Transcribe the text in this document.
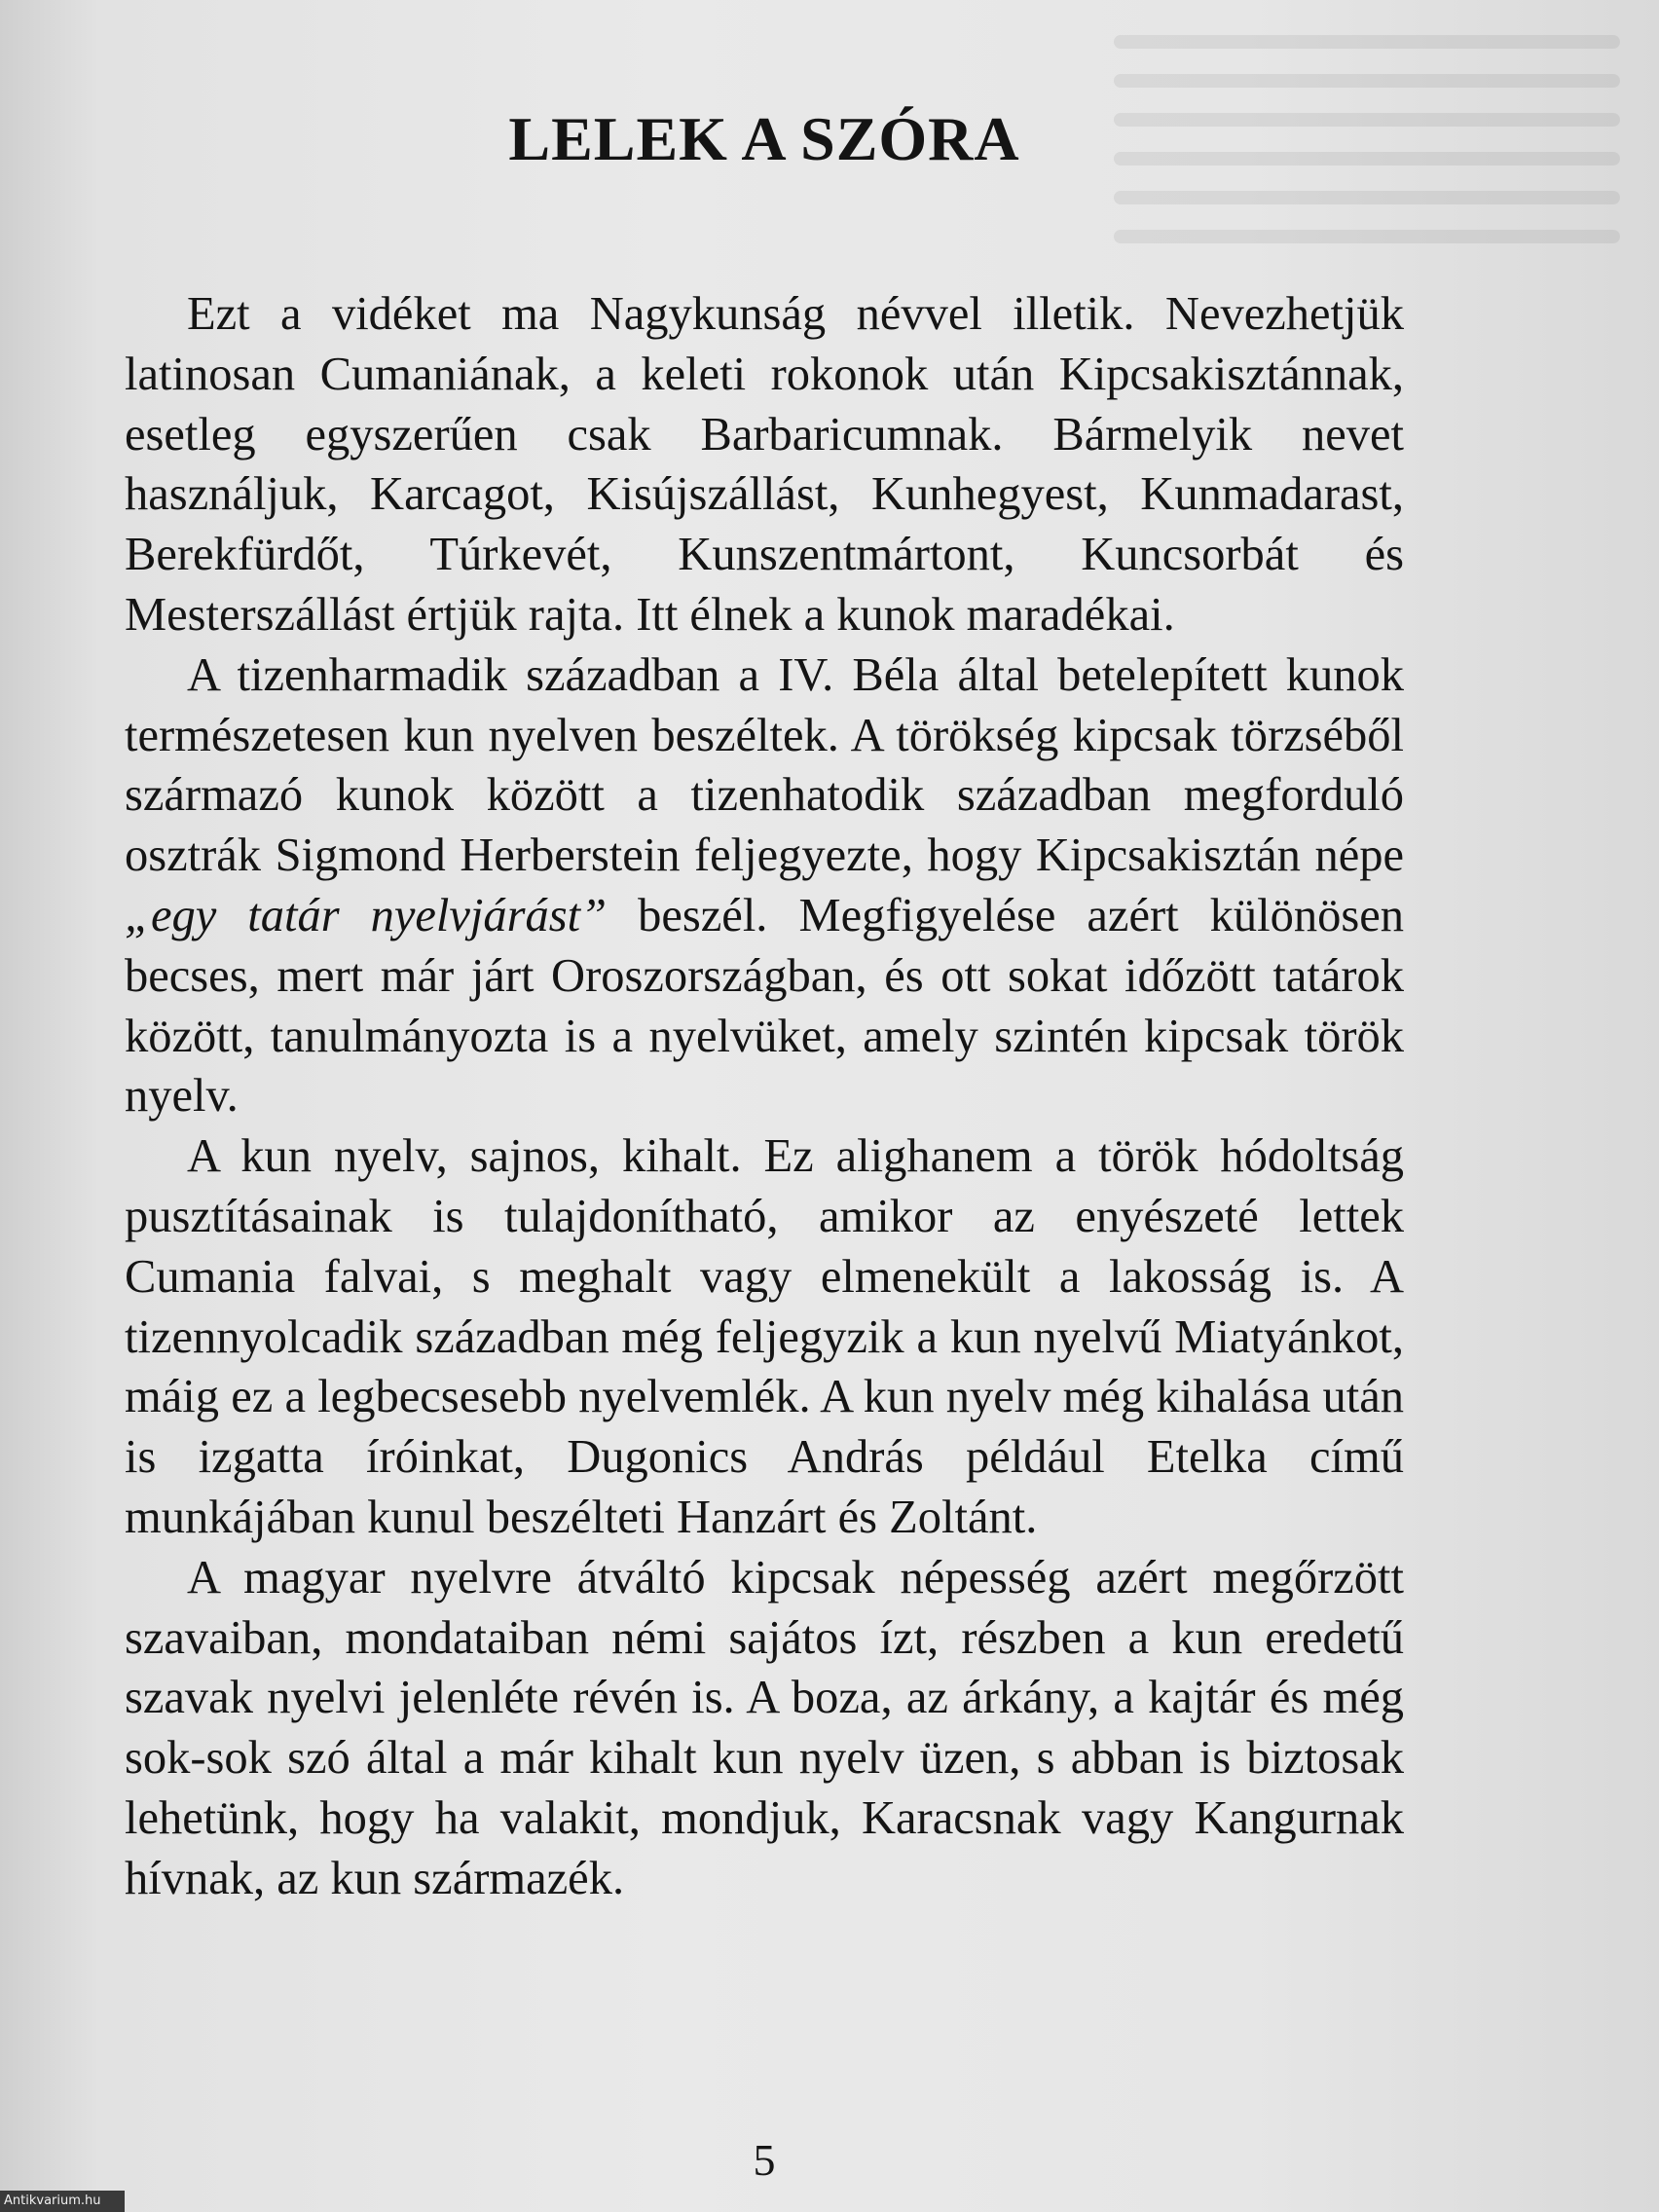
LELEK A SZÓRA

Ezt a vidéket ma Nagykunság névvel illetik. Nevezhetjük latinosan Cumaniának, a keleti rokonok után Kipcsakisztánnak, esetleg egyszerűen csak Barbaricumnak. Bármelyik nevet használjuk, Karcagot, Kisújszállást, Kunhegyest, Kunmadarast, Berekfürdőt, Túrkevét, Kunszentmártont, Kuncsorbát és Mesterszállást értjük rajta. Itt élnek a kunok maradékai.

A tizenharmadik században a IV. Béla által betelepített kunok természetesen kun nyelven beszéltek. A törökség kipcsak törzséből származó kunok között a tizenhatodik században megforduló osztrák Sigmond Herberstein feljegyezte, hogy Kipcsakisztán népe „egy tatár nyelvjárást” beszél. Megfigyelése azért különösen becses, mert már járt Oroszországban, és ott sokat időzött tatárok között, tanulmányozta is a nyelvüket, amely szintén kipcsak török nyelv.

A kun nyelv, sajnos, kihalt. Ez alighanem a török hódoltság pusztításainak is tulajdonítható, amikor az enyészeté lettek Cumania falvai, s meghalt vagy elmenekült a lakosság is. A tizennyolcadik században még feljegyzik a kun nyelvű Miatyánkot, máig ez a legbecsesebb nyelvemlék. A kun nyelv még kihalása után is izgatta íróinkat, Dugonics András például Etelka című munkájában kunul beszélteti Hanzárt és Zoltánt.

A magyar nyelvre átváltó kipcsak népesség azért megőrzött szavaiban, mondataiban némi sajátos ízt, részben a kun eredetű szavak nyelvi jelenléte révén is. A boza, az árkány, a kajtár és még sok-sok szó által a már kihalt kun nyelv üzen, s abban is biztosak lehetünk, hogy ha valakit, mondjuk, Karacsnak vagy Kangurnak hívnak, az kun származék.

5

Antikvarium.hu
